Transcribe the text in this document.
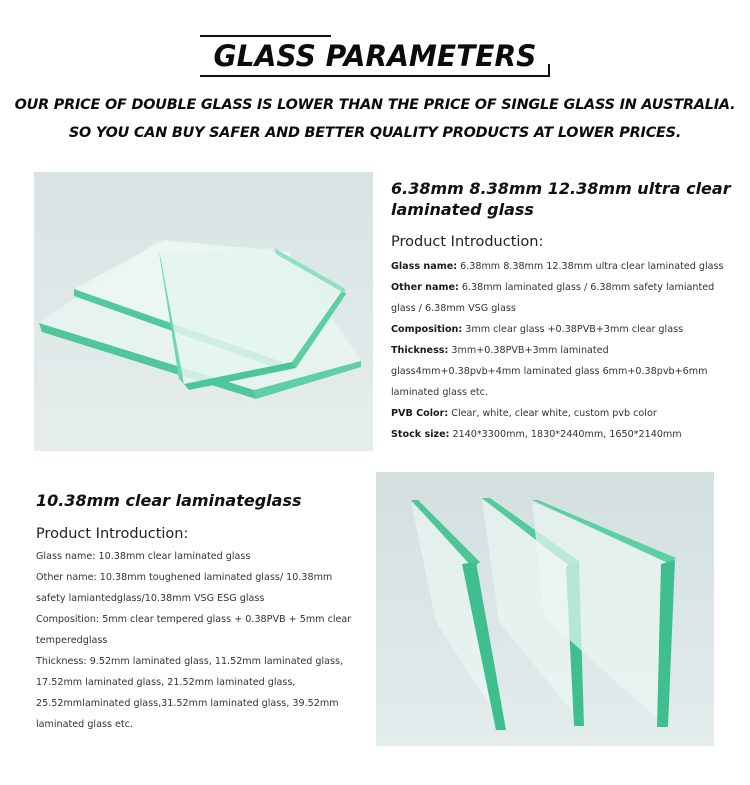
GLASS PARAMETERS
OUR PRICE OF DOUBLE GLASS IS LOWER THAN THE PRICE OF SINGLE GLASS IN AUSTRALIA.
SO YOU CAN BUY SAFER AND BETTER QUALITY PRODUCTS AT LOWER PRICES.
6.38mm 8.38mm 12.38mm ultra clear laminated glass
Product Introduction:

Glass name: 6.38mm 8.38mm 12.38mm ultra clear laminated glass

Other name: 6.38mm laminated glass / 6.38mm safety lamianted glass / 6.38mm VSG glass

Composition: 3mm clear glass +0.38PVB+3mm clear glass

Thickness: 3mm+0.38PVB+3mm laminated glass4mm+0.38pvb+4mm laminated glass 6mm+0.38pvb+6mm laminated glass etc.

PVB Color: Clear, white, clear white, custom pvb color

Stock size: 2140*3300mm, 1830*2440mm, 1650*2140mm

10.38mm clear laminateglass
Product Introduction:

Glass name: 10.38mm clear laminated glass

Other name: 10.38mm toughened laminated glass/ 10.38mm safety lamiantedglass/10.38mm VSG ESG glass

Composition: 5mm clear tempered glass + 0.38PVB + 5mm clear temperedglass

Thickness: 9.52mm laminated glass, 11.52mm laminated glass, 17.52mm laminated glass, 21.52mm laminated glass, 25.52mmlaminated glass,31.52mm laminated glass, 39.52mm laminated glass etc.
